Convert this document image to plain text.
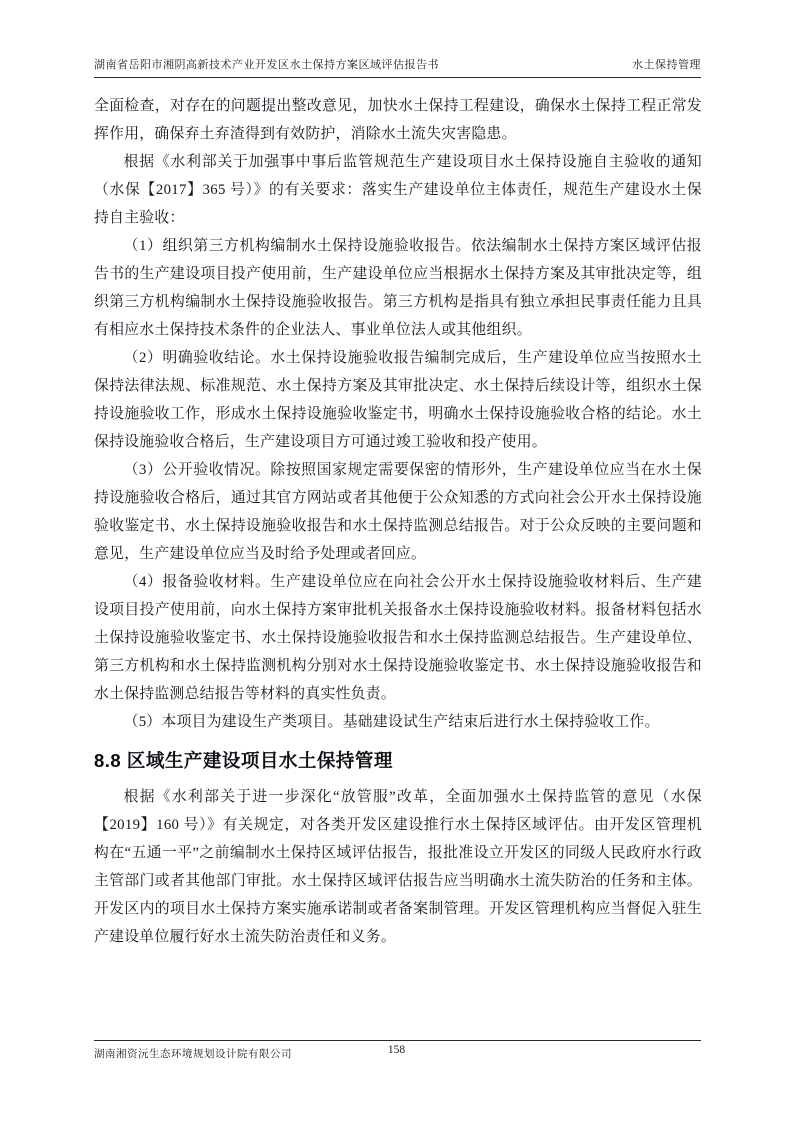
湖南省岳阳市湘阴高新技术产业开发区水土保持方案区域评估报告书	水土保持管理

全面检查，对存在的问题提出整改意见，加快水土保持工程建设，确保水土保持工程正常发挥作用，确保弃土弃渣得到有效防护，消除水土流失灾害隐患。

根据《水利部关于加强事中事后监管规范生产建设项目水土保持设施自主验收的通知（水保【2017】365 号）》的有关要求：落实生产建设单位主体责任，规范生产建设水土保持自主验收：

（1）组织第三方机构编制水土保持设施验收报告。依法编制水土保持方案区域评估报告书的生产建设项目投产使用前，生产建设单位应当根据水土保持方案及其审批决定等，组织第三方机构编制水土保持设施验收报告。第三方机构是指具有独立承担民事责任能力且具有相应水土保持技术条件的企业法人、事业单位法人或其他组织。

（2）明确验收结论。水土保持设施验收报告编制完成后，生产建设单位应当按照水土保持法律法规、标准规范、水土保持方案及其审批决定、水土保持后续设计等，组织水土保持设施验收工作，形成水土保持设施验收鉴定书，明确水土保持设施验收合格的结论。水土保持设施验收合格后，生产建设项目方可通过竣工验收和投产使用。

（3）公开验收情况。除按照国家规定需要保密的情形外，生产建设单位应当在水土保持设施验收合格后，通过其官方网站或者其他便于公众知悉的方式向社会公开水土保持设施验收鉴定书、水土保持设施验收报告和水土保持监测总结报告。对于公众反映的主要问题和意见，生产建设单位应当及时给予处理或者回应。

（4）报备验收材料。生产建设单位应在向社会公开水土保持设施验收材料后、生产建设项目投产使用前，向水土保持方案审批机关报备水土保持设施验收材料。报备材料包括水土保持设施验收鉴定书、水土保持设施验收报告和水土保持监测总结报告。生产建设单位、第三方机构和水土保持监测机构分别对水土保持设施验收鉴定书、水土保持设施验收报告和水土保持监测总结报告等材料的真实性负责。

（5）本项目为建设生产类项目。基础建设试生产结束后进行水土保持验收工作。

8.8 区域生产建设项目水土保持管理

根据《水利部关于进一步深化“放管服”改革，全面加强水土保持监管的意见（水保【2019】160 号）》有关规定，对各类开发区建设推行水土保持区域评估。由开发区管理机构在“五通一平”之前编制水土保持区域评估报告，报批准设立开发区的同级人民政府水行政主管部门或者其他部门审批。水土保持区域评估报告应当明确水土流失防治的任务和主体。开发区内的项目水土保持方案实施承诺制或者备案制管理。开发区管理机构应当督促入驻生产建设单位履行好水土流失防治责任和义务。

湖南湘资沅生态环境规划设计院有限公司	158
